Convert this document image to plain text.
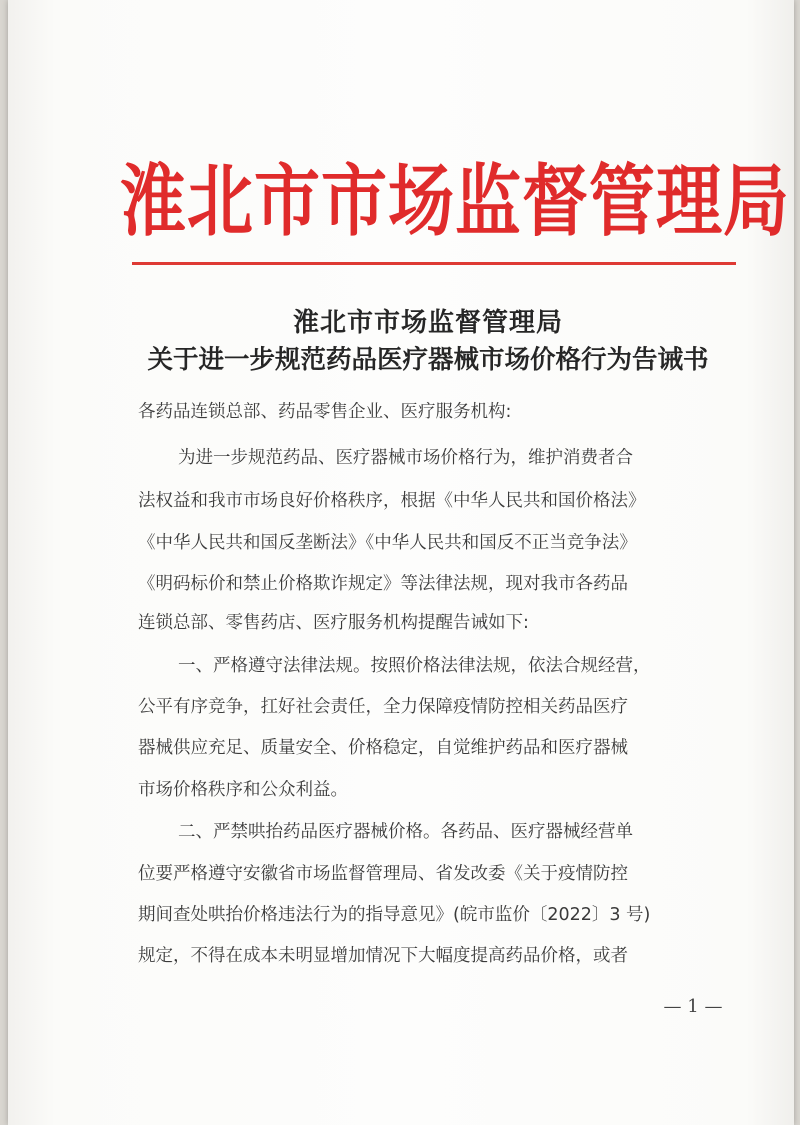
淮北市市场监督管理局
淮北市市场监督管理局
关于进一步规范药品医疗器械市场价格行为告诫书
各药品连锁总部、药品零售企业、医疗服务机构:
为进一步规范药品、医疗器械市场价格行为，维护消费者合
法权益和我市市场良好价格秩序，根据《中华人民共和国价格法》
《中华人民共和国反垄断法》《中华人民共和国反不正当竞争法》
《明码标价和禁止价格欺诈规定》等法律法规，现对我市各药品
连锁总部、零售药店、医疗服务机构提醒告诫如下:
一、严格遵守法律法规。按照价格法律法规，依法合规经营，
公平有序竞争，扛好社会责任，全力保障疫情防控相关药品医疗
器械供应充足、质量安全、价格稳定，自觉维护药品和医疗器械
市场价格秩序和公众利益。
二、严禁哄抬药品医疗器械价格。各药品、医疗器械经营单
位要严格遵守安徽省市场监督管理局、省发改委《关于疫情防控
期间查处哄抬价格违法行为的指导意见》(皖市监价〔2022〕3 号)
规定，不得在成本未明显增加情况下大幅度提高药品价格，或者
— 1 —
